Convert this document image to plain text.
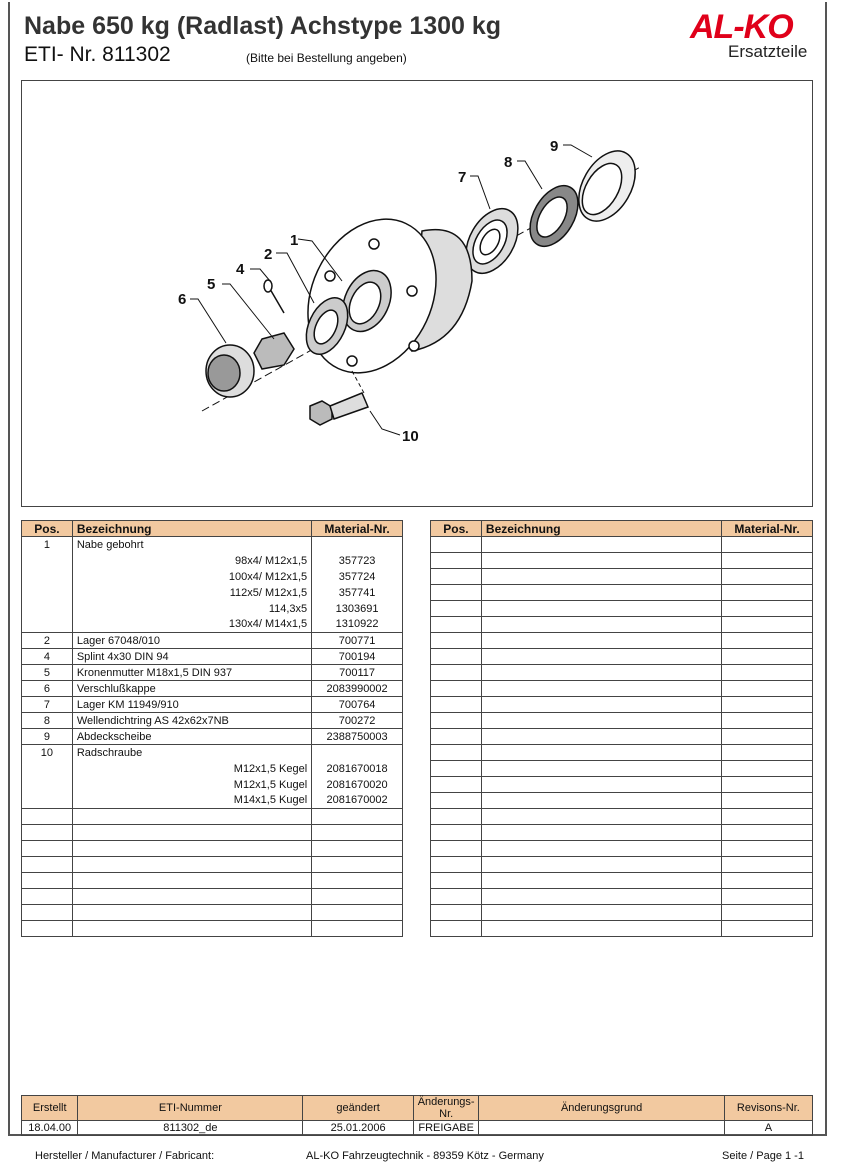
Nabe 650 kg (Radlast) Achstype 1300 kg
ETI- Nr. 811302	(Bitte bei Bestellung angeben)
AL-KO
Ersatzteile
1
2
4
5
6
7
8
9
10
Pos.	Bezeichnung	Material-Nr.
1	Nabe gebohrt	
	98x4/ M12x1,5	357723
	100x4/ M12x1,5	357724
	112x5/ M12x1,5	357741
	114,3x5	1303691
	130x4/ M14x1,5	1310922
2	Lager 67048/010	700771
4	Splint 4x30 DIN 94	700194
5	Kronenmutter M18x1,5 DIN 937	700117
6	Verschlußkappe	2083990002
7	Lager KM 11949/910	700764
8	Wellendichtring AS 42x62x7NB	700272
9	Abdeckscheibe	2388750003
10	Radschraube	
	M12x1,5 Kegel	2081670018
	M12x1,5 Kugel	2081670020
	M14x1,5 Kugel	2081670002

Pos.	Bezeichnung	Material-Nr.

Erstellt	ETI-Nummer	geändert	Änderungs-Nr.	Änderungsgrund	Revisons-Nr.
18.04.00	811302_de	25.01.2006	FREIGABE		A
Hersteller / Manufacturer / Fabricant:	AL-KO Fahrzeugtechnik - 89359 Kötz - Germany	Seite / Page 1 -1
